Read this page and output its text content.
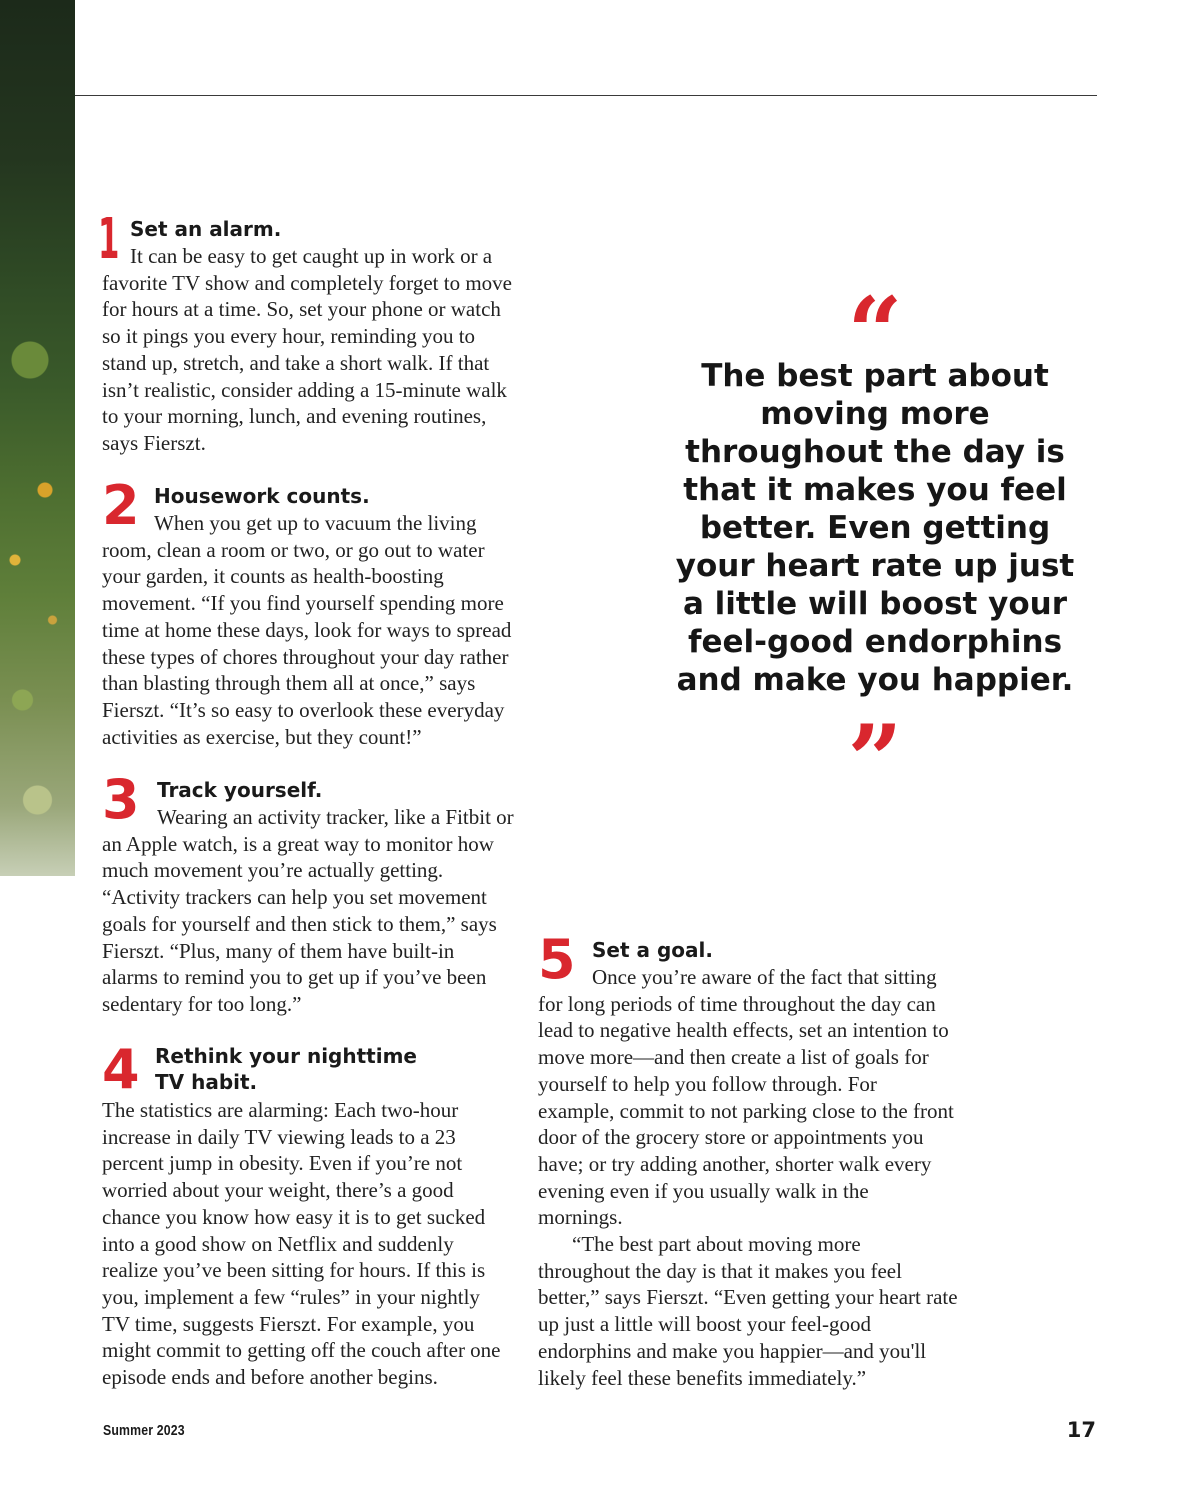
1 Set an alarm.
It can be easy to get caught up in work or a favorite TV show and completely forget to move for hours at a time. So, set your phone or watch so it pings you every hour, reminding you to stand up, stretch, and take a short walk. If that isn’t realistic, consider adding a 15-minute walk to your morning, lunch, and evening routines, says Fierszt.
2 Housework counts.
When you get up to vacuum the living room, clean a room or two, or go out to water your garden, it counts as health-boosting movement. “If you find yourself spending more time at home these days, look for ways to spread these types of chores throughout your day rather than blasting through them all at once,” says Fierszt. “It’s so easy to overlook these everyday activities as exercise, but they count!”
3 Track yourself.
Wearing an activity tracker, like a Fitbit or an Apple watch, is a great way to monitor how much movement you’re actually getting. “Activity trackers can help you set movement goals for yourself and then stick to them,” says Fierszt. “Plus, many of them have built-in alarms to remind you to get up if you’ve been sedentary for too long.”
4 Rethink your nighttime
TV habit.
The statistics are alarming: Each two-hour increase in daily TV viewing leads to a 23 percent jump in obesity. Even if you’re not worried about your weight, there’s a good chance you know how easy it is to get sucked into a good show on Netflix and suddenly realize you’ve been sitting for hours. If this is you, implement a few “rules” in your nightly TV time, suggests Fierszt. For example, you might commit to getting off the couch after one episode ends and before another begins.
5 Once you’re aware of the fact that sitting for long periods of time throughout the day can lead to negative health effects, set an intention to move more—and then create a list of goals for yourself to help you follow through. For example, commit to not parking close to the front door of the grocery store or appointments you have; or try adding another, shorter walk every evening even if you usually walk in the mornings.

“The best part about moving more throughout the day is that it makes you feel better,” says Fierszt. “Even getting your heart rate up just a little will boost your feel-good endorphins and make you happier—and you'll likely feel these benefits immediately.”

Set a goal.
“

The best part about moving more throughout the day is that it makes you feel better. Even getting your heart rate up just a little will boost your feel-good endorphins and make you happier.

”
Summer 2023	17
